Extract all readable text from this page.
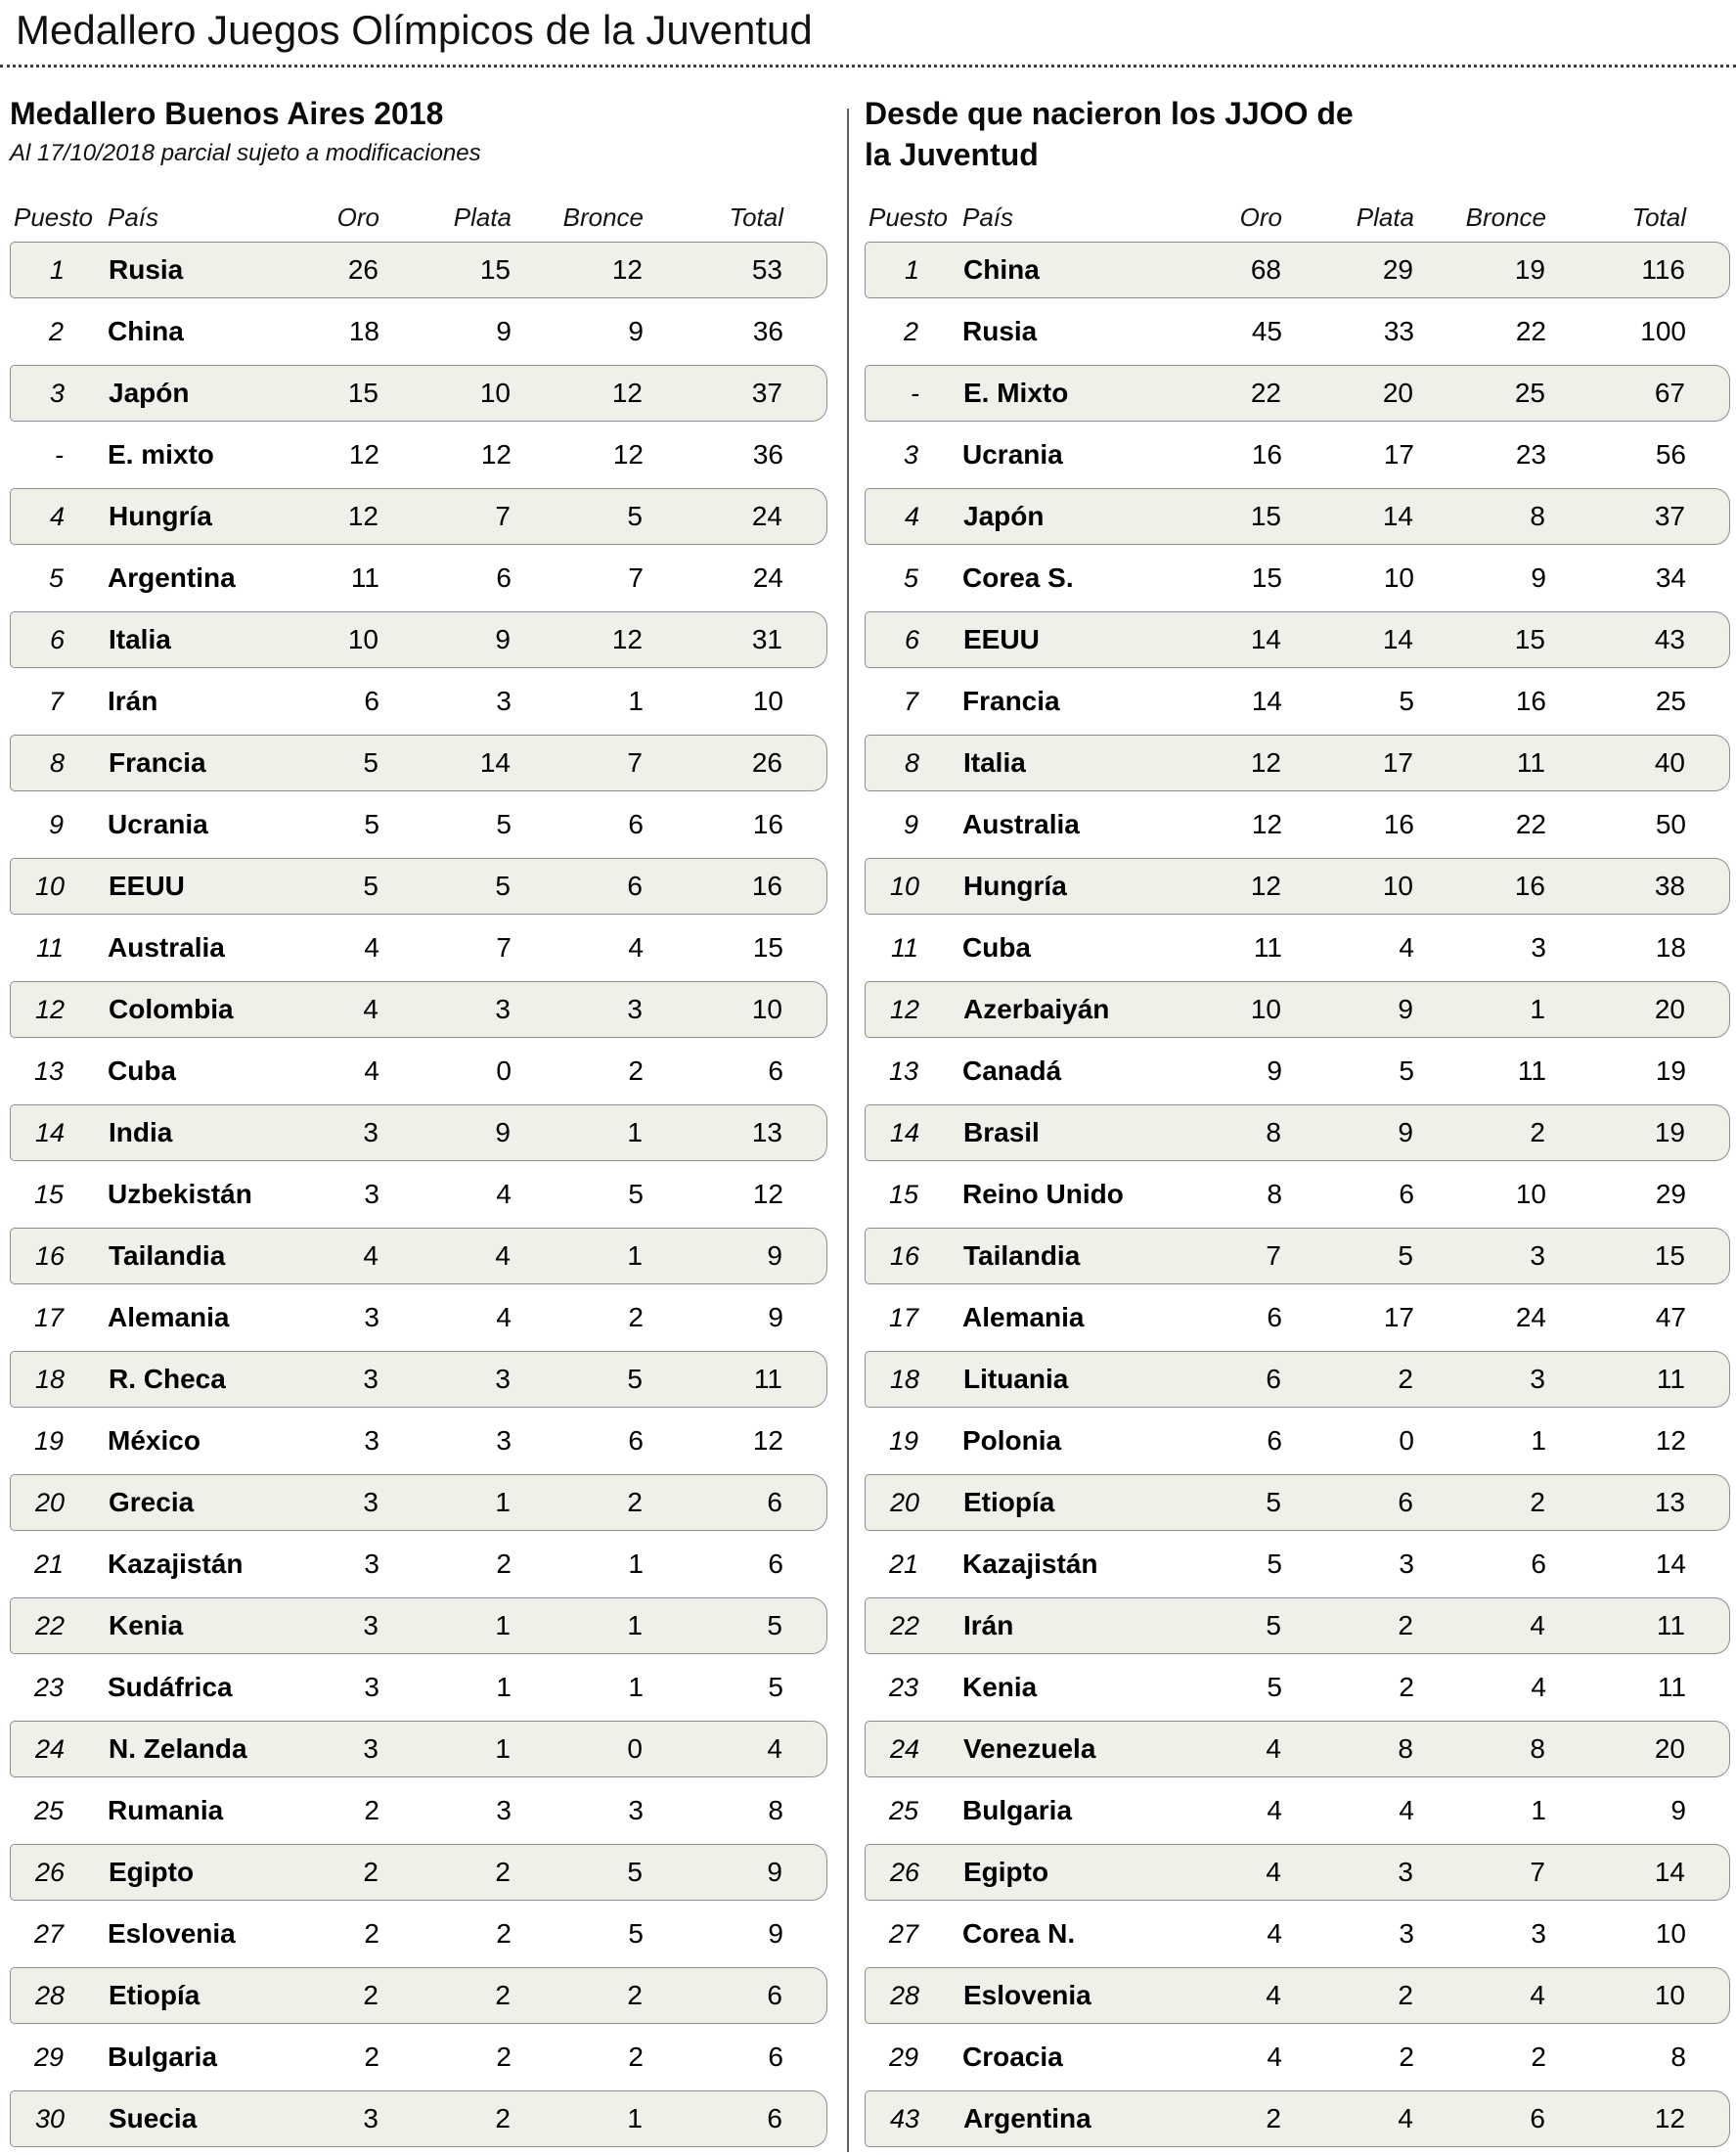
Medallero Juegos Olímpicos de la Juventud
Medallero Buenos Aires 2018
Al 17/10/2018 parcial sujeto a modificaciones
Puesto País	Oro	Plata	Bronce	Total
1	Rusia	26	15	12	53
2	China	18	9	9	36
3	Japón	15	10	12	37
-	E. mixto	12	12	12	36
4	Hungría	12	7	5	24
5	Argentina	11	6	7	24
6	Italia	10	9	12	31
7	Irán	6	3	1	10
8	Francia	5	14	7	26
9	Ucrania	5	5	6	16
10	EEUU	5	5	6	16
11	Australia	4	7	4	15
12	Colombia	4	3	3	10
13	Cuba	4	0	2	6
14	India	3	9	1	13
15	Uzbekistán	3	4	5	12
16	Tailandia	4	4	1	9
17	Alemania	3	4	2	9
18	R. Checa	3	3	5	11
19	México	3	3	6	12
20	Grecia	3	1	2	6
21	Kazajistán	3	2	1	6
22	Kenia	3	1	1	5
23	Sudáfrica	3	1	1	5
24	N. Zelanda	3	1	0	4
25	Rumania	2	3	3	8
26	Egipto	2	2	5	9
27	Eslovenia	2	2	5	9
28	Etiopía	2	2	2	6
29	Bulgaria	2	2	2	6
30	Suecia	3	2	1	6
Desde que nacieron los JJOO de
la Juventud
Puesto País	Oro	Plata	Bronce	Total
1	China	68	29	19	116
2	Rusia	45	33	22	100
-	E. Mixto	22	20	25	67
3	Ucrania	16	17	23	56
4	Japón	15	14	8	37
5	Corea S.	15	10	9	34
6	EEUU	14	14	15	43
7	Francia	14	5	16	25
8	Italia	12	17	11	40
9	Australia	12	16	22	50
10	Hungría	12	10	16	38
11	Cuba	11	4	3	18
12	Azerbaiyán	10	9	1	20
13	Canadá	9	5	11	19
14	Brasil	8	9	2	19
15	Reino Unido	8	6	10	29
16	Tailandia	7	5	3	15
17	Alemania	6	17	24	47
18	Lituania	6	2	3	11
19	Polonia	6	0	1	12
20	Etiopía	5	6	2	13
21	Kazajistán	5	3	6	14
22	Irán	5	2	4	11
23	Kenia	5	2	4	11
24	Venezuela	4	8	8	20
25	Bulgaria	4	4	1	9
26	Egipto	4	3	7	14
27	Corea N.	4	3	3	10
28	Eslovenia	4	2	4	10
29	Croacia	4	2	2	8
43	Argentina	2	4	6	12
